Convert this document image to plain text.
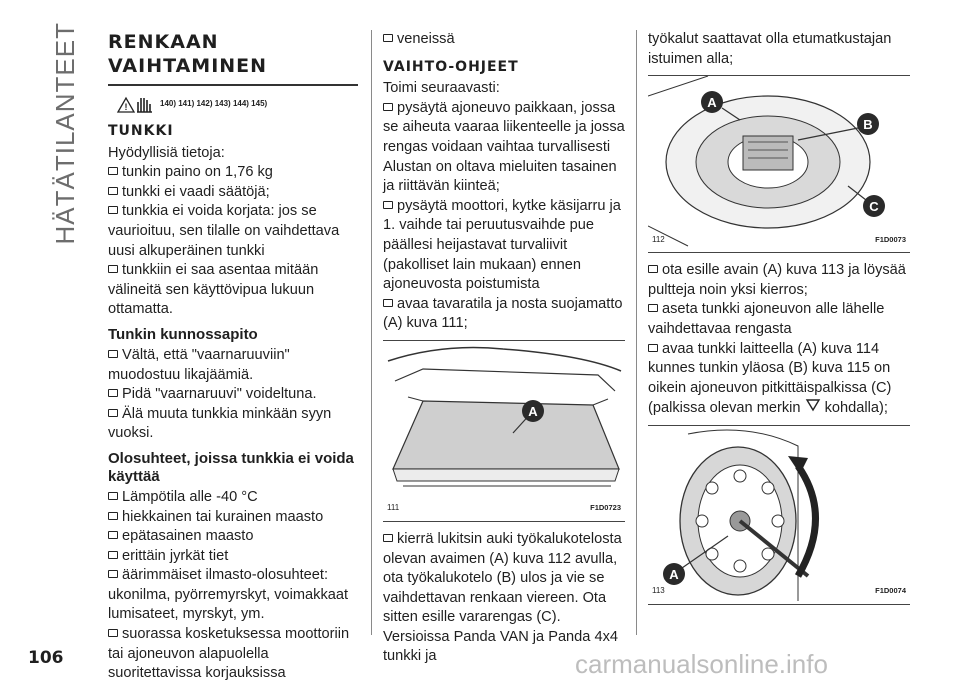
HÄTÄTILANTEET RENKAAN VAIHTAMINEN
!	140) 141) 142) 143) 144) 145)
TUNKKI

Hyödyllisiä tietoja:

tunkin paino on 1,76 kg

tunkki ei vaadi säätöjä;

tunkkia ei voida korjata: jos se vaurioituu, sen tilalle on vaihdettava uusi alkuperäinen tunkki

tunkkiin ei saa asentaa mitään välineitä sen käyttövipua lukuun ottamatta.

Tunkin kunnossapito

Vältä, että "vaarnaruuviin" muodostuu likajäämiä.

Pidä "vaarnaruuvi" voideltuna.

Älä muuta tunkkia minkään syyn vuoksi.

Olosuhteet, joissa tunkkia ei voida käyttää

Lämpötila alle -40 °C

hiekkainen tai kurainen maasto

epätasainen maasto

erittäin jyrkät tiet

äärimmäiset ilmasto-olosuhteet: ukonilma, pyörremyrskyt, voimakkaat lumisateet, myrskyt, ym.

suorassa kosketuksessa moottoriin tai ajoneuvon alapuolella suoritettavissa korjauksissa

veneissä

VAIHTO-OHJEET

Toimi seuraavasti:

pysäytä ajoneuvo paikkaan, jossa se aiheuta vaaraa liikenteelle ja jossa rengas voidaan vaihtaa turvallisesti Alustan on oltava mieluiten tasainen ja riittävän kiinteä;

pysäytä moottori, kytke käsijarru ja 1. vaihde tai peruutusvaihde pue päällesi heijastavat turvaliivit (pakolliset lain mukaan) ennen ajoneuvosta poistumista

avaa tavaratila ja nosta suojamatto (A) kuva 111;

A
111	F1D0723

kierrä lukitsin auki työkalukotelosta olevan avaimen (A) kuva 112 avulla, ota työkalukotelo (B) ulos ja vie se vaihdettavan renkaan viereen. Ota sitten esille vararengas (C). Versioissa Panda VAN ja Panda 4x4 tunkki ja

työkalut saattavat olla etumatkustajan istuimen alla;

A
B
C
112	F1D0073

ota esille avain (A) kuva 113 ja löysää pultteja noin yksi kierros;

aseta tunkki ajoneuvon alle lähelle vaihdettavaa rengasta

avaa tunkki laitteella (A) kuva 114 kunnes tunkin yläosa (B) kuva 115 on oikein ajoneuvon pitkittäispalkissa (C)

(palkissa olevan merkin kohdalla);

A
113	F1D0074
106	carmanualsonline.info
